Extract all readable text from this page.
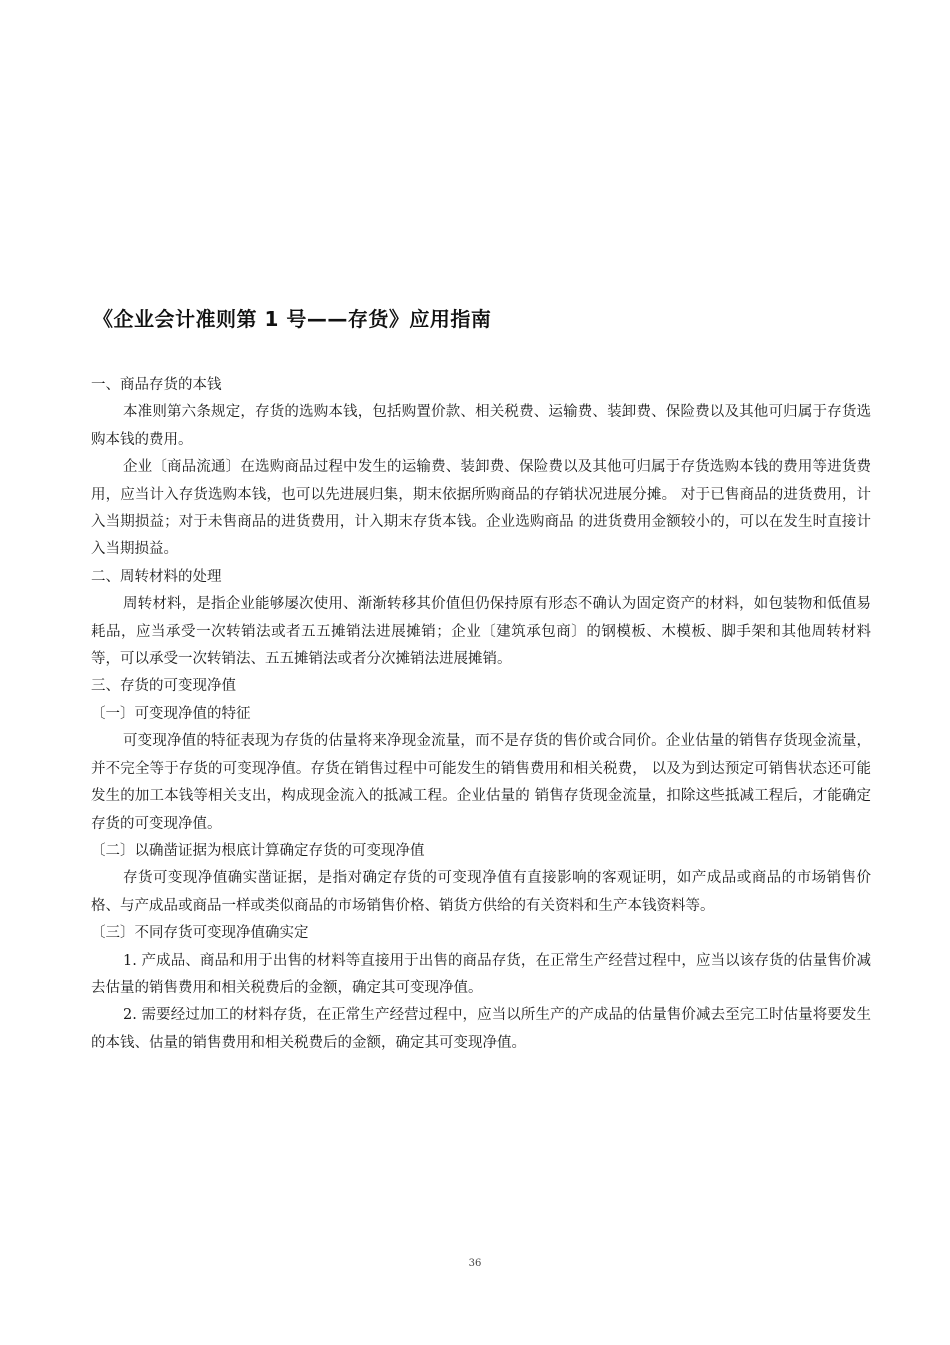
《企业会计准则第 1 号——存货》应用指南

一、商品存货的本钱

本准则第六条规定，存货的选购本钱，包括购置价款、相关税费、运输费、装卸费、保险费以及其他可归属于存货选购本钱的费用。

企业〔商品流通〕在选购商品过程中发生的运输费、装卸费、保险费以及其他可归属于存货选购本钱的费用等进货费用，应当计入存货选购本钱，也可以先进展归集，期末依据所购商品的存销状况进展分摊。 对于已售商品的进货费用，计入当期损益；对于未售商品的进货费用，计入期末存货本钱。企业选购商品 的进货费用金额较小的，可以在发生时直接计入当期损益。

二、周转材料的处理

周转材料，是指企业能够屡次使用、渐渐转移其价值但仍保持原有形态不确认为固定资产的材料，如包装物和低值易耗品，应当承受一次转销法或者五五摊销法进展摊销；企业〔建筑承包商〕的钢模板、木模板、脚手架和其他周转材料等，可以承受一次转销法、五五摊销法或者分次摊销法进展摊销。

三、存货的可变现净值

〔一〕可变现净值的特征

可变现净值的特征表现为存货的估量将来净现金流量，而不是存货的售价或合同价。企业估量的销售存货现金流量，并不完全等于存货的可变现净值。存货在销售过程中可能发生的销售费用和相关税费， 以及为到达预定可销售状态还可能发生的加工本钱等相关支出，构成现金流入的抵减工程。企业估量的 销售存货现金流量，扣除这些抵减工程后，才能确定存货的可变现净值。

〔二〕以确凿证据为根底计算确定存货的可变现净值

存货可变现净值确实凿证据，是指对确定存货的可变现净值有直接影响的客观证明，如产成品或商品的市场销售价格、与产成品或商品一样或类似商品的市场销售价格、销货方供给的有关资料和生产本钱资料等。

〔三〕不同存货可变现净值确实定

1. 产成品、商品和用于出售的材料等直接用于出售的商品存货，在正常生产经营过程中，应当以该存货的估量售价减去估量的销售费用和相关税费后的金额，确定其可变现净值。

2. 需要经过加工的材料存货，在正常生产经营过程中，应当以所生产的产成品的估量售价减去至完工时估量将要发生的本钱、估量的销售费用和相关税费后的金额，确定其可变现净值。

36
